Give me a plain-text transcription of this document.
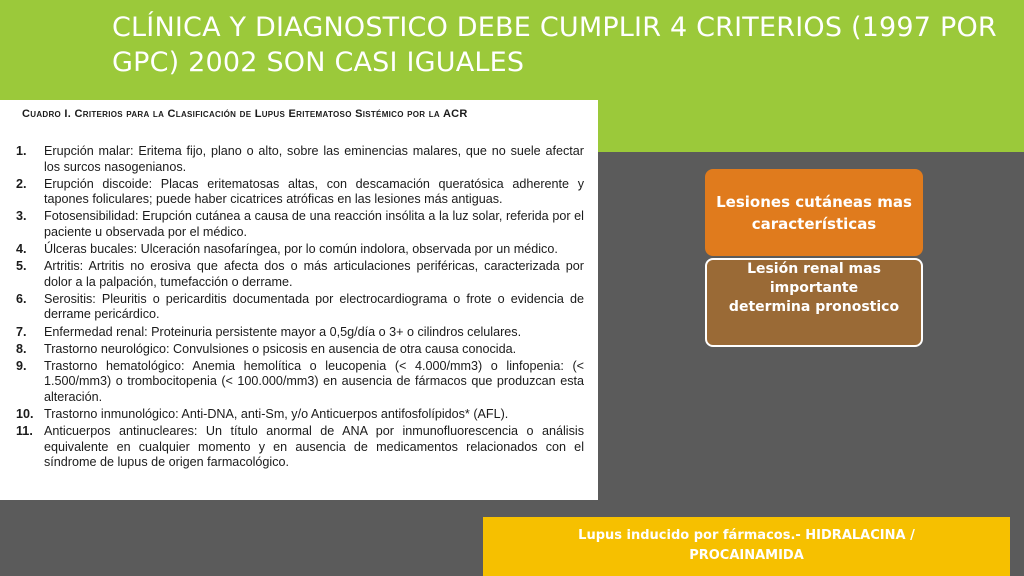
CLÍNICA Y DIAGNOSTICO DEBE CUMPLIR 4 CRITERIOS (1997 POR GPC) 2002 SON CASI IGUALES
Cuadro I. Criterios para la Clasificación de Lupus Eritematoso Sistémico por la ACR
1.	Erupción malar: Eritema fijo, plano o alto, sobre las eminencias malares, que no suele afectar los surcos nasogenianos.
2.	Erupción discoide: Placas eritematosas altas, con descamación queratósica adherente y tapones foliculares; puede haber cicatrices atróficas en las lesiones más antiguas.
3.	Fotosensibilidad: Erupción cutánea a causa de una reacción insólita a la luz solar, referida por el paciente u observada por el médico.
4.	Úlceras bucales: Ulceración nasofaríngea, por lo común indolora, observada por un médico.
5.	Artritis: Artritis no erosiva que afecta dos o más articulaciones periféricas, caracterizada por dolor a la palpación, tumefacción o derrame.
6.	Serositis: Pleuritis o pericarditis documentada por electrocardiograma o frote o evidencia de derrame pericárdico.
7.	Enfermedad renal: Proteinuria persistente mayor a 0,5g/día o 3+ o cilindros celulares.
8.	Trastorno neurológico: Convulsiones o psicosis en ausencia de otra causa conocida.
9.	Trastorno hematológico: Anemia hemolítica o leucopenia (< 4.000/mm3) o linfopenia: (< 1.500/mm3) o trombocitopenia (< 100.000/mm3) en ausencia de fármacos que produzcan esta alteración.
10. Trastorno inmunológico: Anti-DNA, anti-Sm, y/o Anticuerpos antifosfolípidos* (AFL).
11. Anticuerpos antinucleares: Un título anormal de ANA por inmunofluorescencia o análisis equivalente en cualquier momento y en ausencia de medicamentos relacionados con el síndrome de lupus de origen farmacológico.
Lesiones cutáneas mas características
Lesión renal mas importante determina pronostico
Lupus inducido por fármacos.- HIDRALACINA / PROCAINAMIDA
